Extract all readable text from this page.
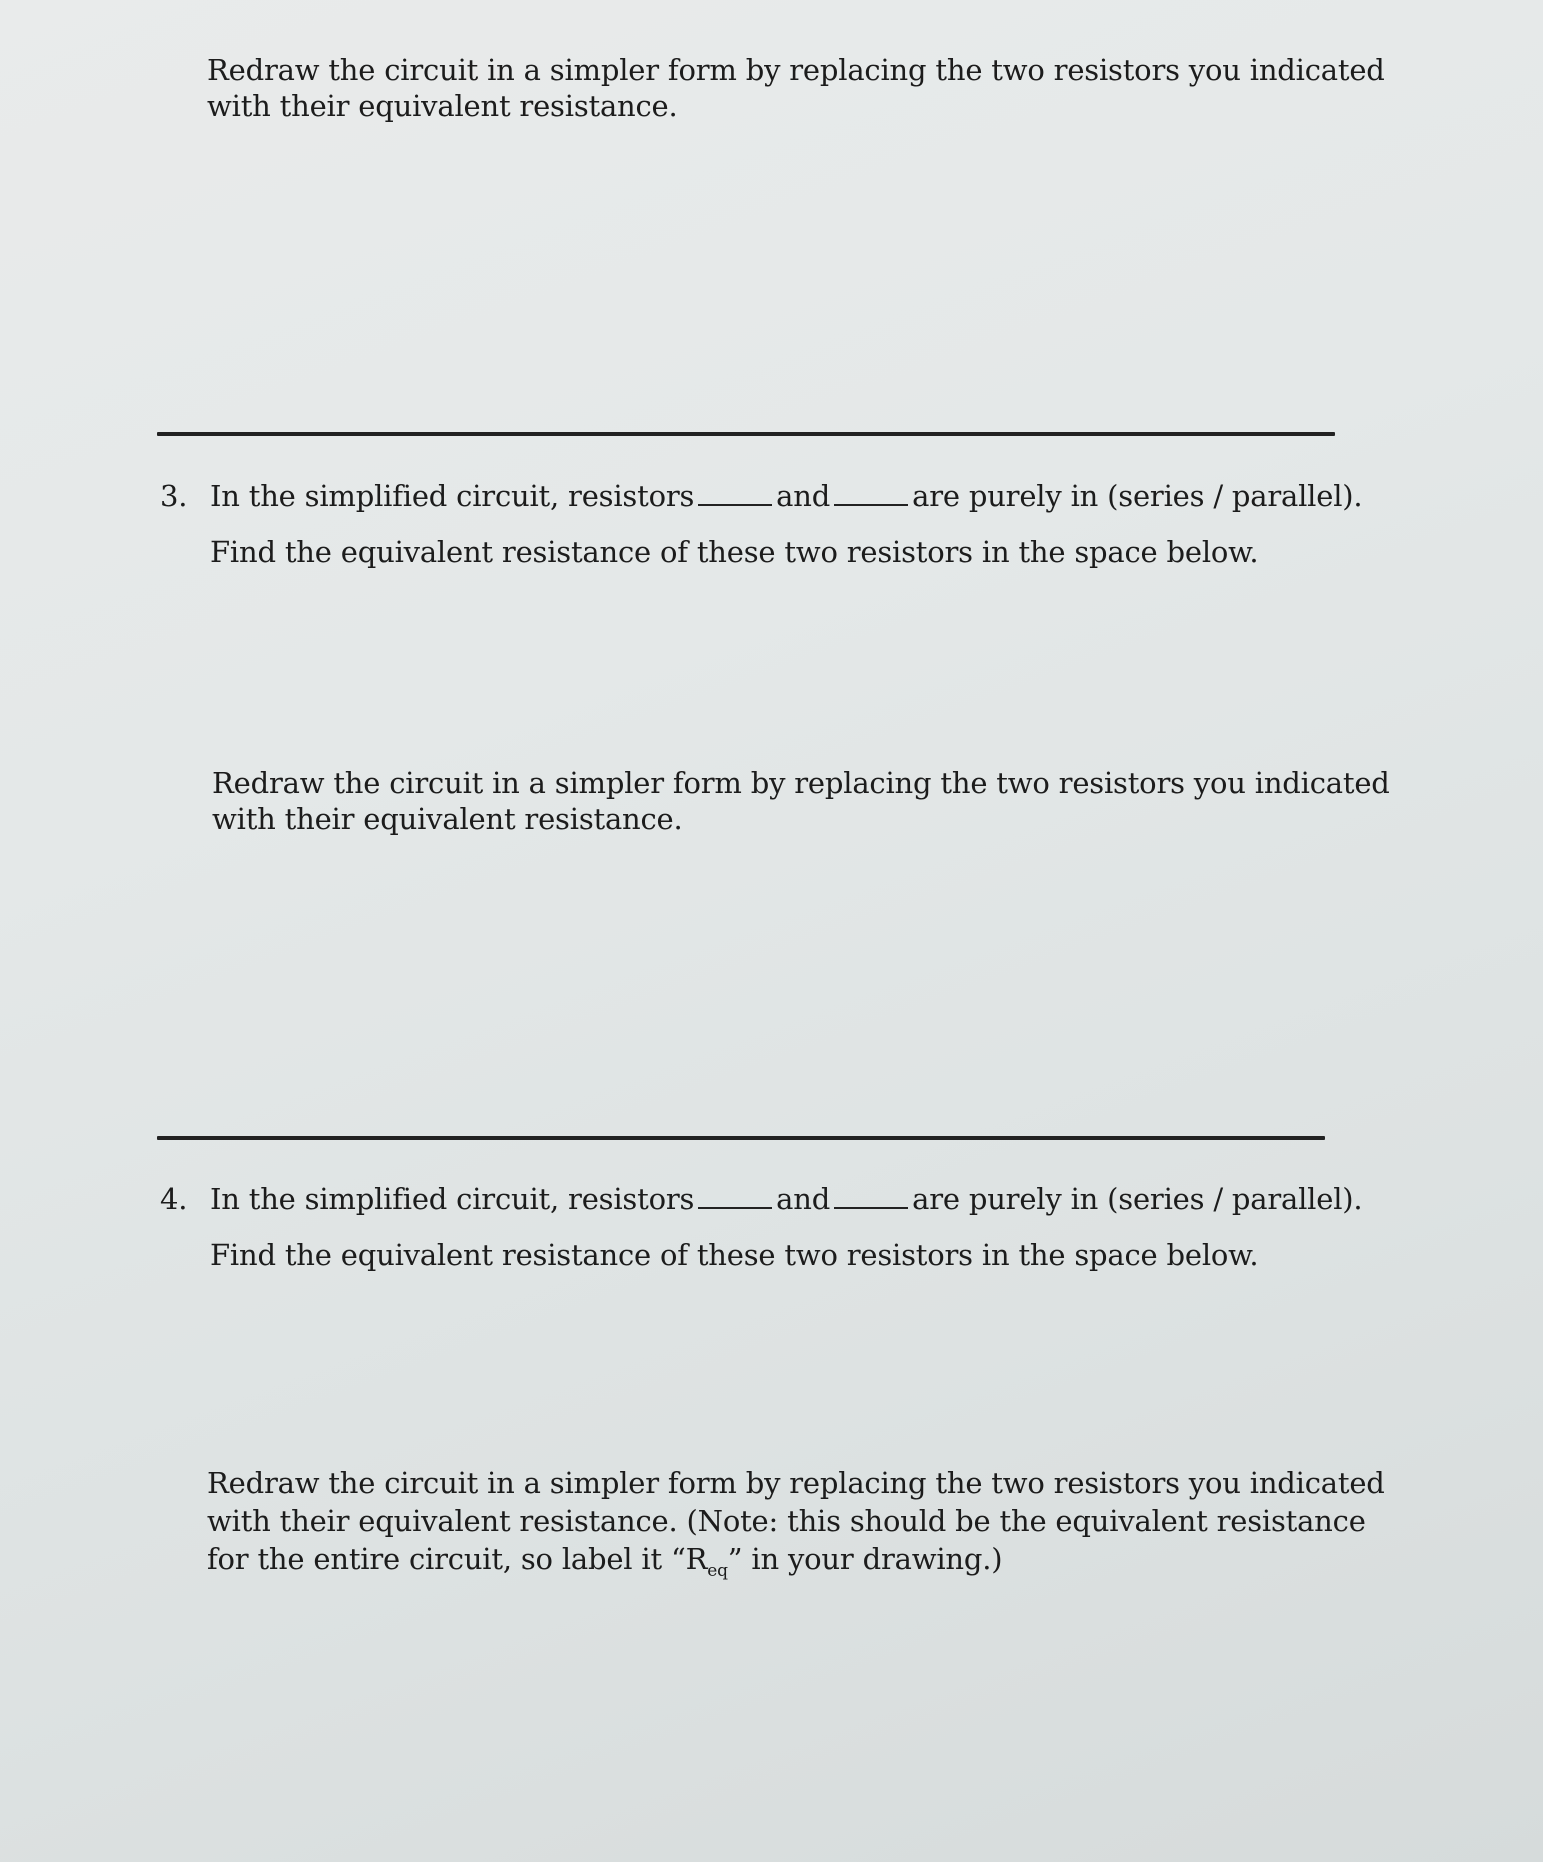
Redraw the circuit in a simpler form by replacing the two resistors you indicated
with their equivalent resistance.
3. In the simplified circuit, resistors	and	are purely in (series / parallel).
Find the equivalent resistance of these two resistors in the space below.
Redraw the circuit in a simpler form by replacing the two resistors you indicated
with their equivalent resistance.
4. In the simplified circuit, resistors	and	are purely in (series / parallel).
Find the equivalent resistance of these two resistors in the space below.
Redraw the circuit in a simpler form by replacing the two resistors you indicated
with their equivalent resistance. (Note: this should be the equivalent resistance
for the entire circuit, so label it “$R_{eq}$” in your drawing.)
